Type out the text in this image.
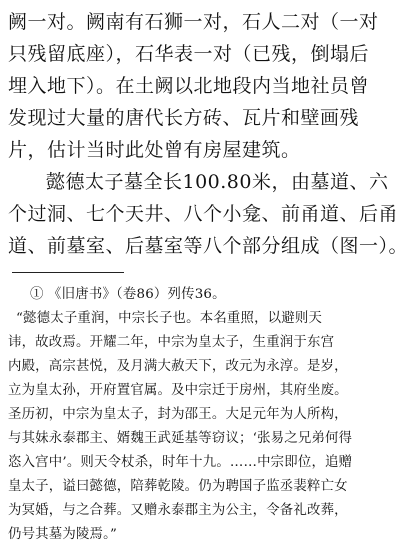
阙一对。阙南有石狮一对，石人二对（一对
只残留底座），石华表一对（已残，倒塌后
埋入地下）。在土阙以北地段内当地社员曾
发现过大量的唐代长方砖、瓦片和壁画残
片，估计当时此处曾有房屋建筑。
懿德太子墓全长100.80米，由墓道、六
个过洞、七个天井、八个小龛、前甬道、后甬
道、前墓室、后墓室等八个部分组成（图一）。
① 《旧唐书》（卷86）列传36。
“懿德太子重润，中宗长子也。本名重照，以避则天
讳，故改焉。开耀二年，中宗为皇太子，生重润于东宫
内殿，高宗甚悦，及月满大赦天下，改元为永淳。是岁，
立为皇太孙，开府置官属。及中宗迁于房州，其府坐废。
圣历初，中宗为皇太子，封为邵王。大足元年为人所构，
与其妹永泰郡主、婿魏王武延基等窃议；‘张易之兄弟何得
恣入宫中’。则天令杖杀，时年十九。……中宗即位，追赠
皇太子，谥曰懿德，陪葬乾陵。仍为聘国子监丞裴粹亡女
为冥婚，与之合葬。又赠永泰郡主为公主，令备礼改葬，
仍号其墓为陵焉。”
